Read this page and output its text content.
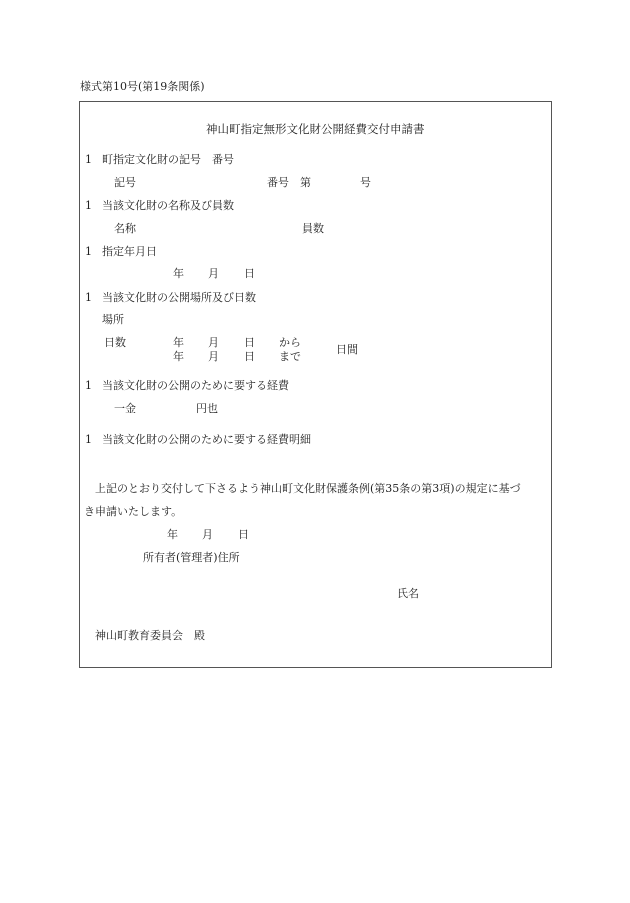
様式第10号(第19条関係)
神山町指定無形文化財公開経費交付申請書
1 町指定文化財の記号　番号
記号	番号 第	号
1 当該文化財の名称及び員数
名称	員数
1 指定年月日
年 月 日
1 当該文化財の公開場所及び日数
場所
日数	年 月 日 から
年 月 日 まで
日間
1 当該文化財の公開のために要する経費
一金	円也
1 当該文化財の公開のために要する経費明細
上記のとおり交付して下さるよう神山町文化財保護条例(第35条の第3項)の規定に基づ
き申請いたします。
年 月 日
所有者(管理者)住所
氏名
神山町教育委員会　殿
